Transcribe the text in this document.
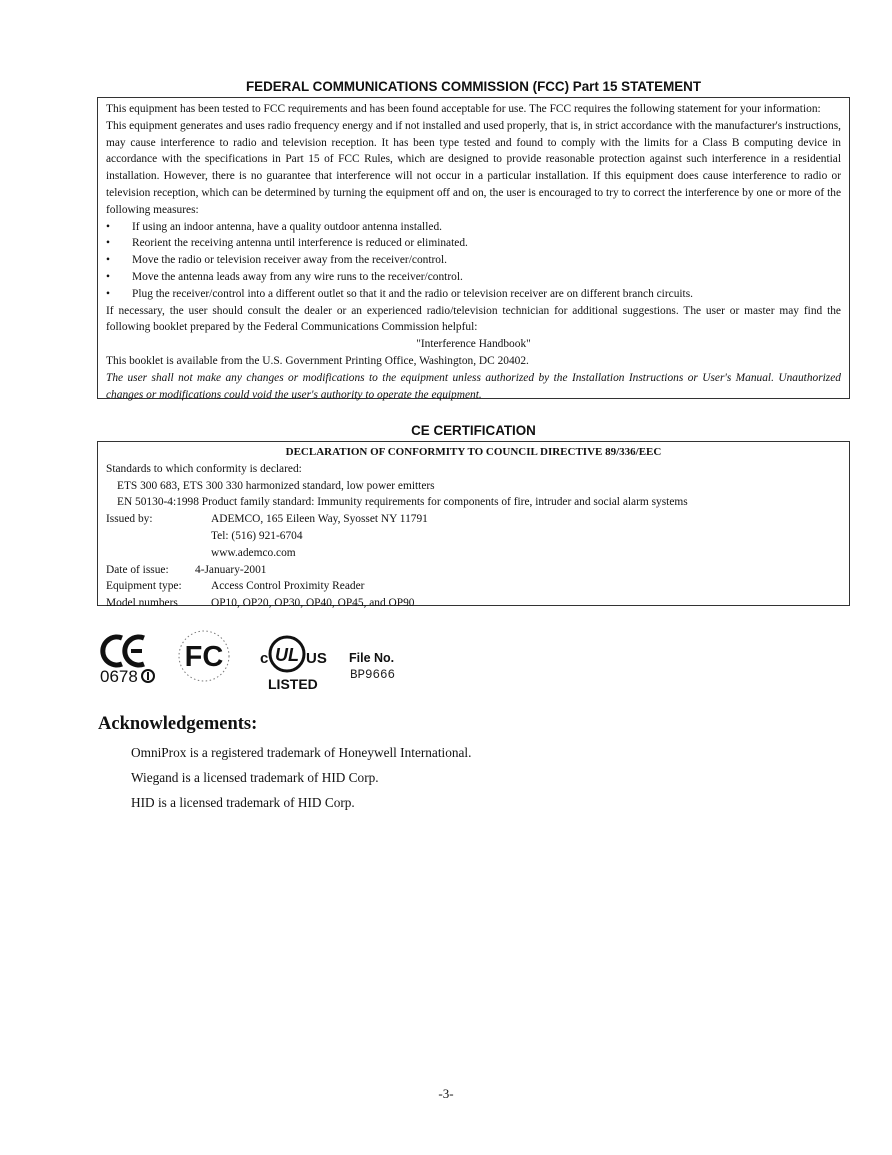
FEDERAL COMMUNICATIONS COMMISSION (FCC) Part 15 STATEMENT

This equipment has been tested to FCC requirements and has been found acceptable for use. The FCC requires the following statement for your information:

This equipment generates and uses radio frequency energy and if not installed and used properly, that is, in strict accordance with the manufacturer's instructions, may cause interference to radio and television reception. It has been type tested and found to comply with the limits for a Class B computing device in accordance with the specifications in Part 15 of FCC Rules, which are designed to provide reasonable protection against such interference in a residential installation. However, there is no guarantee that interference will not occur in a particular installation. If this equipment does cause interference to radio or television reception, which can be determined by turning the equipment off and on, the user is encouraged to try to correct the interference by one or more of the following measures:

• If using an indoor antenna, have a quality outdoor antenna installed.
• Reorient the receiving antenna until interference is reduced or eliminated.
• Move the radio or television receiver away from the receiver/control.
• Move the antenna leads away from any wire runs to the receiver/control.
• Plug the receiver/control into a different outlet so that it and the radio or television receiver are on different branch circuits.

If necessary, the user should consult the dealer or an experienced radio/television technician for additional suggestions. The user or master may find the following booklet prepared by the Federal Communications Commission helpful:

"Interference Handbook"

This booklet is available from the U.S. Government Printing Office, Washington, DC 20402.

The user shall not make any changes or modifications to the equipment unless authorized by the Installation Instructions or User's Manual. Unauthorized changes or modifications could void the user's authority to operate the equipment.

CE CERTIFICATION

DECLARATION OF CONFORMITY TO COUNCIL DIRECTIVE 89/336/EEC

Standards to which conformity is declared:

ETS 300 683, ETS 300 330 harmonized standard, low power emitters

EN 50130-4:1998 Product family standard: Immunity requirements for components of fire, intruder and social alarm systems

Issued by:	ADEMCO, 165 Eileen Way, Syosset NY 11791
Tel: (516) 921-6704
www.ademco.com
Date of issue:	4-January-2001
Equipment type:	Access Control Proximity Reader
Model numbers	OP10, OP20, OP30, OP40, OP45, and OP90
0678
FC c UL US
LISTED
File No.
BP9666
Acknowledgements:

OmniProx is a registered trademark of Honeywell International.

Wiegand is a licensed trademark of HID Corp.

HID is a licensed trademark of HID Corp.

-3-
